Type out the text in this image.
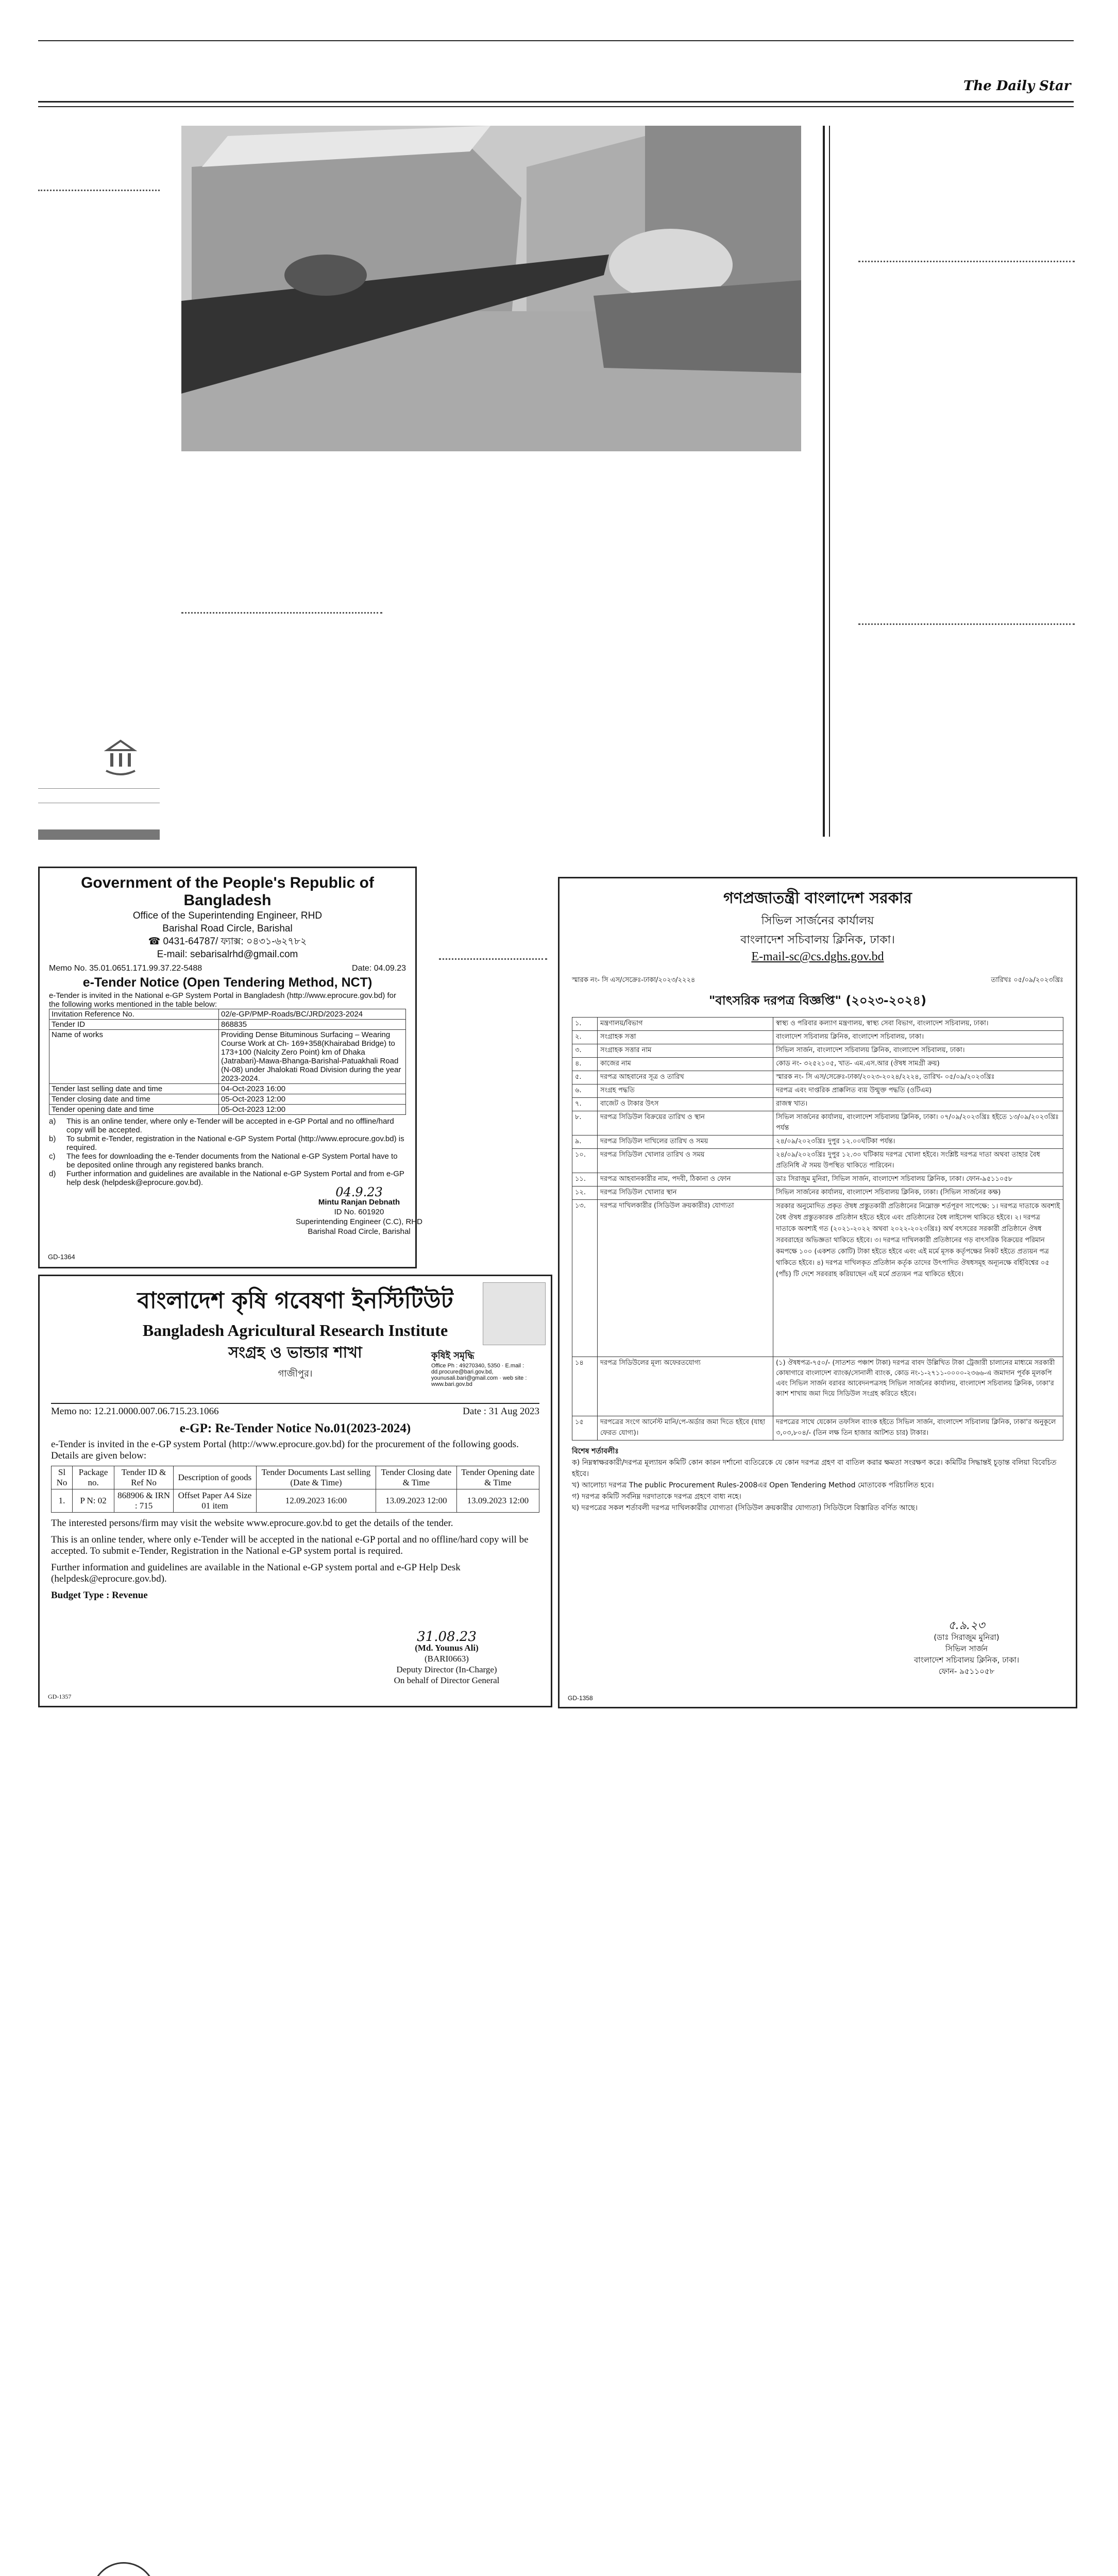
The Daily Star
Government of the People's Republic of Bangladesh
Office of the Superintending Engineer, RHD
Barishal Road Circle, Barishal
☎ 0431-64787/ ফ্যাক্স: ০৪৩১-৬২৭৮২
E-mail: sebarisalrhd@gmail.com
Memo No. 35.01.0651.171.99.37.22-5488	Date: 04.09.23
e-Tender Notice (Open Tendering Method, NCT)
e-Tender is invited in the National e-GP System Portal in Bangladesh (http://www.eprocure.gov.bd) for the following works mentioned in the table below:
Invitation Reference No.	02/e-GP/PMP-Roads/BC/JRD/2023-2024
Tender ID	868835
Name of works	Providing Dense Bituminous Surfacing – Wearing Course Work at Ch- 169+358(Khairabad Bridge) to 173+100 (Nalcity Zero Point) km of Dhaka (Jatrabari)-Mawa-Bhanga-Barishal-Patuakhali Road (N-08) under Jhalokati Road Division during the year 2023-2024.
Tender last selling date and time	04-Oct-2023 16:00
Tender closing date and time	05-Oct-2023 12:00
Tender opening date and time	05-Oct-2023 12:00
a)	This is an online tender, where only e-Tender will be accepted in e-GP Portal and no offline/hard copy will be accepted.
b)	To submit e-Tender, registration in the National e-GP System Portal (http://www.eprocure.gov.bd) is required.
c)	The fees for downloading the e-Tender documents from the National e-GP System Portal have to be deposited online through any registered banks branch.
d)	Further information and guidelines are available in the National e-GP System Portal and from e-GP help desk (helpdesk@eprocure.gov.bd).
04.9.23
Mintu Ranjan Debnath
ID No. 601920
Superintending Engineer (C.C), RHD
Barishal Road Circle, Barishal
GD-1364
বাংলাদেশ কৃষি গবেষণা ইনস্টিটিউট
Bangladesh Agricultural Research Institute
সংগ্রহ ও ভান্ডার শাখা
গাজীপুর।
কৃষিই সমৃদ্ধি
Office Ph : 49270340, 5350 · E.mail : dd.procure@bari.gov.bd, younusali.bari@gmail.com · web site : www.bari.gov.bd
Memo no: 12.21.0000.007.06.715.23.1066	Date : 31 Aug 2023
e-GP: Re-Tender Notice No.01(2023-2024)

e-Tender is invited in the e-GP system Portal (http://www.eprocure.gov.bd) for the procurement of the following goods. Details are given below:

Sl No	Package no.	Tender ID & Ref No	Description of goods	Tender Documents Last selling (Date & Time)	Tender Closing date & Time	Tender Opening date & Time
1.	P N: 02	868906 & IRN : 715	Offset Paper A4 Size 01 item	12.09.2023 16:00	13.09.2023 12:00	13.09.2023 12:00

The interested persons/firm may visit the website www.eprocure.gov.bd to get the details of the tender.

This is an online tender, where only e-Tender will be accepted in the national e-GP portal and no offline/hard copy will be accepted. To submit e-Tender, Registration in the National e-GP system portal is required.

Further information and guidelines are available in the National e-GP system portal and e-GP Help Desk (helpdesk@eprocure.gov.bd).

Budget Type : Revenue

31.08.23
(Md. Younus Ali)
(BARI0663)
Deputy Director (In-Charge)
On behalf of Director General
GD-1357
গণপ্রজাতন্ত্রী বাংলাদেশ সরকার
সিভিল সার্জনের কার্যালয়
বাংলাদেশ সচিবালয় ক্লিনিক, ঢাকা।
E-mail-sc@cs.dghs.gov.bd
স্মারক নং- সি এস/সেক্রেঃ-ঢাকা/২০২৩/২২২৪	তারিখঃ ০৫/০৯/২০২৩খ্রিঃ
"বাৎসরিক দরপত্র বিজ্ঞপ্তি" (২০২৩-২০২৪)
১.	মন্ত্রণালয়/বিভাগ	স্বাস্থ্য ও পরিবার কল্যাণ মন্ত্রণালয়, স্বাস্থ্য সেবা বিভাগ, বাংলাদেশ সচিবালয়, ঢাকা।
২.	সংগ্রাহক সত্তা	বাংলাদেশ সচিবালয় ক্লিনিক, বাংলাদেশ সচিবালয়, ঢাকা।
৩.	সংগ্রাহক সত্তার নাম	সিভিল সার্জন, বাংলাদেশ সচিবালয় ক্লিনিক, বাংলাদেশ সচিবালয়, ঢাকা।
৪.	কাজের নাম	কোড নং- ৩২৫২১০৫, খাত- এম.এস.আর (ঔষধ সামগ্রী ক্রয়)
৫.	দরপত্র আহবানের সূত্র ও তারিখ	স্মারক নং- সি এস/সেক্রেঃ-ঢাকা/২০২৩-২০২৪/২২২৪, তারিখ- ০৫/০৯/২০২৩খ্রিঃ
৬.	সংগ্রহ পদ্ধতি	দরপত্র এবং দাপ্তরিক প্রাক্কলিত ব্যয় উন্মুক্ত পদ্ধতি (ওটিএম)
৭.	বাজেট ও টাকার উৎস	রাজস্ব খাত।
৮.	দরপত্র সিডিউল বিক্রয়ের তারিখ ও স্থান	সিভিল সার্জনের কার্যালয়, বাংলাদেশ সচিবালয় ক্লিনিক, ঢাকা। ০৭/০৯/২০২৩খ্রিঃ হইতে ১৩/০৯/২০২৩খ্রিঃ পর্যন্ত
৯.	দরপত্র সিডিউল দাখিলের তারিখ ও সময়	২৪/০৯/২০২৩খ্রিঃ দুপুর ১২.০০ঘটিকা পর্যন্ত।
১০.	দরপত্র সিডিউল খোলার তারিখ ও সময়	২৪/০৯/২০২৩খ্রিঃ দুপুর ১২.৩০ ঘটিকায় দরপত্র খোলা হইবে। সংশ্লিষ্ট দরপত্র দাতা অথবা তাহার বৈধ প্রতিনিধি ঐ সময় উপস্থিত থাকিতে পারিবেন।
১১.	দরপত্র আহবানকারীর নাম, পদবী, ঠিকানা ও ফোন	ডাঃ সিরাজুম মুনিরা, সিভিল সার্জন, বাংলাদেশ সচিবালয় ক্লিনিক, ঢাকা। ফোন-৯৫১১০৫৮
১২.	দরপত্র সিডিউল খোলার স্থান	সিভিল সার্জনের কার্যালয়, বাংলাদেশ সচিবালয় ক্লিনিক, ঢাকা। (সিভিল সার্জনের কক্ষ)
১৩.	দরপত্র দাখিলকারীর (সিডিউল ক্রয়কারীর) যোগ্যতা	সরকার অনুমোদিত প্রকৃত ঔষধ প্রস্তুতকারী প্রতিষ্ঠানের নিম্নোক্ত শর্তপূরণ সাপেক্ষে: ১। দরপত্র দাতাকে অবশ্যই বৈধ ঔষধ প্রস্তুতকারক প্রতিষ্ঠান হইতে হইবে এবং প্রতিষ্ঠানের বৈধ লাইসেন্স থাকিতে হইবে। ২। দরপত্র দাতাকে অবশ্যই গত (২০২১-২০২২ অথবা ২০২২-২০২৩খ্রিঃ) অর্থ বৎসরের সরকারী প্রতিষ্ঠানে ঔষধ সরবরাহের অভিজ্ঞতা থাকিতে হইবে। ৩। দরপত্র দাখিলকারী প্রতিষ্ঠানের গড় বাৎসরিক বিক্রয়ের পরিমান কমপক্ষে ১০০ (একশত কোটি) টাকা হইতে হইবে এবং এই মর্মে মূসক কর্তৃপক্ষের নিকট হইতে প্রত্যয়ন পত্র থাকিতে হইবে। ৪) দরপত্র দাখিলকৃত প্রতিষ্ঠান কর্তৃক তাদের উৎপাদিত ঔষধসমূহ অন্যূনক্ষে বর্হিবিশ্বের ০৫ (পাঁচ) টি দেশে সরবরাহ করিয়াছেন এই মর্মে প্রত্যয়ন পত্র থাকিতে হইবে।
১৪	দরপত্র সিডিউলের মূল্য অফেরতযোগ্য	(১) ঔষধপত্র-৭৫০/- (সাতশত পঞ্চাশ টাকা) দরপত্র বাবদ উল্লিখিত টাকা ট্রেজারী চালানের মাধ্যমে সরকারী কোষাগারে বাংলাদেশ ব্যাংক/সোনালী ব্যাংক, কোড নং-১-২৭১১-০০০০-২৩৬৬-এ জমাদান পূর্বক মূলকপি এবং সিভিল সার্জন বরাবর আবেদনপত্রসহ সিভিল সার্জনের কার্যালয়, বাংলাদেশ সচিবালয় ক্লিনিক, ঢাকা'র ক্যাশ শাখায় জমা দিয়ে সিডিউল সংগ্রহ করিতে হইবে।
১৫	দরপত্রের সংগে আর্নেস্ট মানি/পে-অর্ডার জমা দিতে হইবে (যাহা ফেরত যোগ্য)।	দরপত্রের সাথে যেকোন তফসিল ব্যাংক হইতে সিভিল সার্জন, বাংলাদেশ সচিবালয় ক্লিনিক, ঢাকা'র অনুকূলে ৩,০৩,৮০৪/- (তিন লক্ষ তিন হাজার আটশত চার) টাকার।
বিশেষ শর্তাবলীঃ
ক) নিম্নস্বাক্ষরকারী/দরপত্র মূল্যায়ন কমিটি কোন কারন দর্শানো ব্যতিরেকে যে কোন দরপত্র গ্রহণ বা বাতিল করার ক্ষমতা সংরক্ষণ করে। কমিটির সিদ্ধান্তই চূড়ান্ত বলিয়া বিবেচিত হইবে।
খ) আলোচ্য দরপত্র The public Procurement Rules-2008এর Open Tendering Method মোতাবেক পরিচালিত হবে।
গ) দরপত্র কমিটি সর্বনিম্ন দরদাতাকে দরপত্র গ্রহণে বাধ্য নহে।
ঘ) দরপত্রের সকল শর্তাবলী দরপত্র দাখিলকারীর যোগ্যতা (সিডিউল ক্রয়কারীর যোগ্যতা) সিডিউলে বিস্তারিত বর্ণিত আছে।
৫.৯.২৩
(ডাঃ সিরাজুম মুনিরা)
সিভিল সার্জন
বাংলাদেশ সচিবালয় ক্লিনিক, ঢাকা।
ফোন- ৯৫১১০৫৮
GD-1358
